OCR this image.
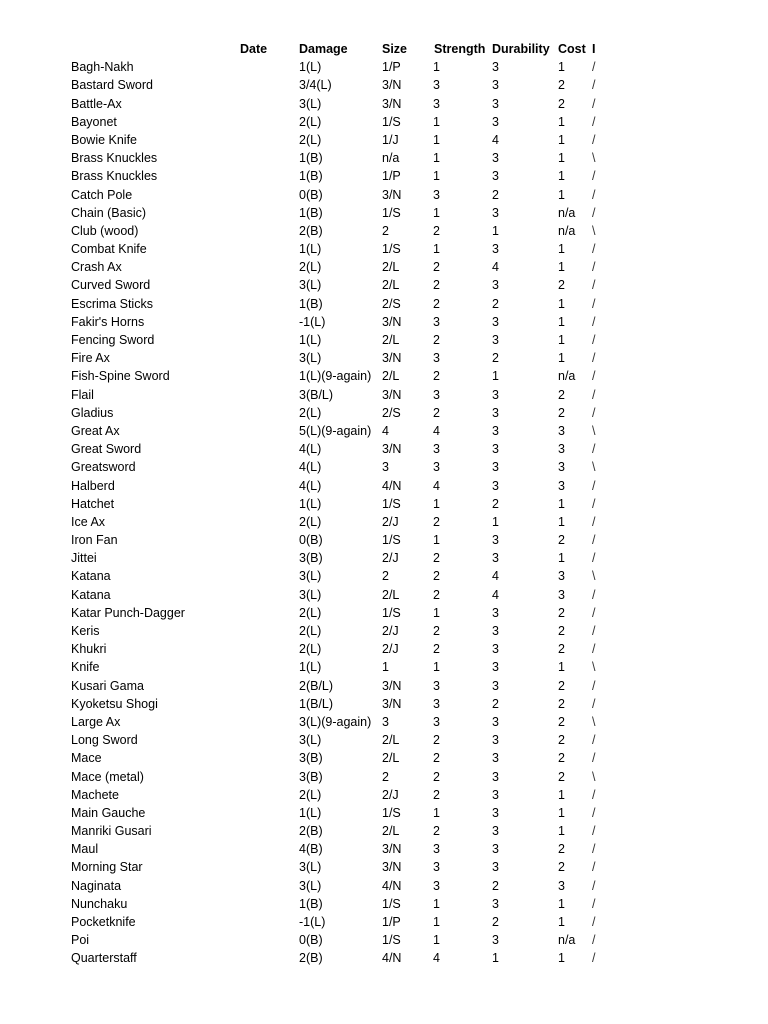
Date	Damage	Size Strength Durability Cost I
Bagh-Nakh	1(L)	1/P	1	3	1 /
Bastard Sword	3/4(L)	3/N	3	3	2 /
Battle-Ax	3(L)	3/N	3	3	2 /
Bayonet	2(L)	1/S	1	3	1 /
Bowie Knife	2(L)	1/J	1	4	1 /
Brass Knuckles	1(B)	n/a	1	3	1 \
Brass Knuckles	1(B)	1/P	1	3	1 /
Catch Pole	0(B)	3/N	3	2	1 /
Chain (Basic)	1(B)	1/S	1	3	n/a /
Club (wood)	2(B)	2	2	1	n/a \
Combat Knife	1(L)	1/S	1	3	1 /
Crash Ax	2(L)	2/L	2	4	1 /
Curved Sword	3(L)	2/L	2	3	2 /
Escrima Sticks	1(B)	2/S	2	2	1 /
Fakir's Horns	-1(L)	3/N	3	3	1 /
Fencing Sword	1(L)	2/L	2	3	1 /
Fire Ax	3(L)	3/N	3	2	1 /
Fish-Spine Sword	1(L)(9-again) 2/L	2	1	n/a /
Flail	3(B/L)	3/N	3	3	2 /
Gladius	2(L)	2/S	2	3	2 /
Great Ax	5(L)(9-again) 4	4	3	3 \
Great Sword	4(L)	3/N	3	3	3 /
Greatsword	4(L)	3	3	3	3 \
Halberd	4(L)	4/N	4	3	3 /
Hatchet	1(L)	1/S	1	2	1 /
Ice Ax	2(L)	2/J	2	1	1 /
Iron Fan	0(B)	1/S	1	3	2 /
Jittei	3(B)	2/J	2	3	1 /
Katana	3(L)	2	2	4	3 \
Katana	3(L)	2/L	2	4	3 /
Katar Punch-Dagger	2(L)	1/S	1	3	2 /
Keris	2(L)	2/J	2	3	2 /
Khukri	2(L)	2/J	2	3	2 /
Knife	1(L)	1	1	3	1 \
Kusari Gama	2(B/L)	3/N	3	3	2 /
Kyoketsu Shogi	1(B/L)	3/N	3	2	2 /
Large Ax	3(L)(9-again) 3	3	3	2 \
Long Sword	3(L)	2/L	2	3	2 /
Mace	3(B)	2/L	2	3	2 /
Mace (metal)	3(B)	2	2	3	2 \
Machete	2(L)	2/J	2	3	1 /
Main Gauche	1(L)	1/S	1	3	1 /
Manriki Gusari	2(B)	2/L	2	3	1 /
Maul	4(B)	3/N	3	3	2 /
Morning Star	3(L)	3/N	3	3	2 /
Naginata	3(L)	4/N	3	2	3 /
Nunchaku	1(B)	1/S	1	3	1 /
Pocketknife	-1(L)	1/P	1	2	1 /
Poi	0(B)	1/S	1	3	n/a /
Quarterstaff	2(B)	4/N	4	1	1 /
